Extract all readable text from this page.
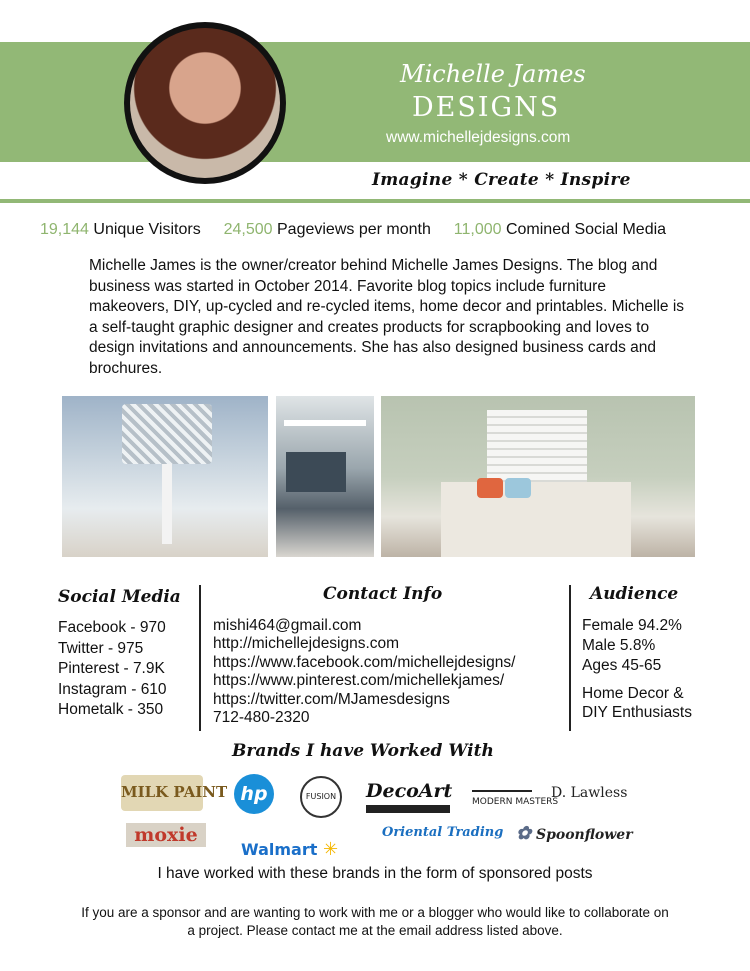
Michelle James
DESIGNS
www.michellejdesigns.com
Imagine * Create * Inspire
19,144 Unique Visitors 24,500 Pageviews per month 11,000 Comined Social Media

Michelle James is the owner/creator behind Michelle James Designs. The blog and business was started in October 2014. Favorite blog topics include furniture makeovers, DIY, up-cycled and re-cycled items, home decor and printables. Michelle is a self-taught graphic designer and creates products for scrapbooking and loves to design invitations and announcements. She has also designed business cards and brochures.

Social Media
Facebook - 970
Twitter - 975
Pinterest - 7.9K
Instagram - 610
Hometalk - 350
Contact Info
mishi464@gmail.com
http://michellejdesigns.com
https://www.facebook.com/michellejdesigns/
https://www.pinterest.com/michellekjames/
https://twitter.com/MJamesdesigns
712-480-2320
Audience
Female 94.2%
Male 5.8%
Ages 45-65
Home Decor &
DIY Enthusiasts
Brands I have Worked With
MILK PAINT hp	FUSION	DecoArt	D. Lawless
MODERN MASTERS
moxie
Walmart ✳
Oriental Trading ✿ Spoonflower
I have worked with these brands in the form of sponsored posts

If you are a sponsor and are wanting to work with me or a blogger who would like to collaborate on a project. Please contact me at the email address listed above.
